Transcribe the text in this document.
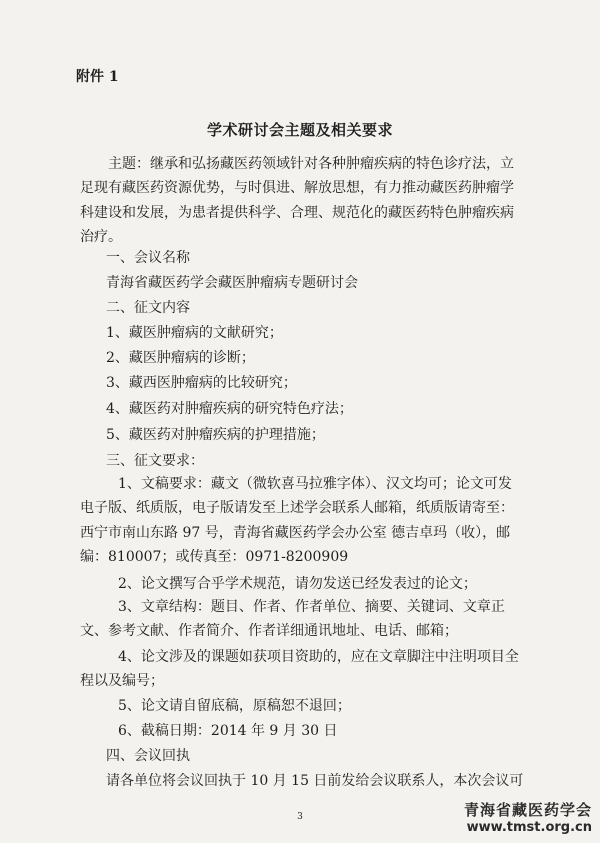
附件 1
学术研讨会主题及相关要求
主题：继承和弘扬藏医药领域针对各种肿瘤疾病的特色诊疗法，立足现有藏医药资源优势，与时俱进、解放思想，有力推动藏医药肿瘤学科建设和发展，为患者提供科学、合理、规范化的藏医药特色肿瘤疾病治疗。
一、会议名称
青海省藏医药学会藏医肿瘤病专题研讨会
二、征文内容
1、藏医肿瘤病的文献研究；
2、藏医肿瘤病的诊断；
3、藏西医肿瘤病的比较研究；
4、藏医药对肿瘤疾病的研究特色疗法；
5、藏医药对肿瘤疾病的护理措施；
三、征文要求：
1、文稿要求：藏文（微软喜马拉雅字体）、汉文均可；论文可发电子版、纸质版，电子版请发至上述学会联系人邮箱，纸质版请寄至：西宁市南山东路 97 号，青海省藏医药学会办公室 德吉卓玛（收），邮编：810007；或传真至：0971-8200909
2、论文撰写合乎学术规范，请勿发送已经发表过的论文；
3、文章结构：题目、作者、作者单位、摘要、关键词、文章正文、参考文献、作者简介、作者详细通讯地址、电话、邮箱；
4、论文涉及的课题如获项目资助的，应在文章脚注中注明项目全程以及编号；
5、论文请自留底稿，原稿恕不退回；
6、截稿日期：2014 年 9 月 30 日
四、会议回执
请各单位将会议回执于 10 月 15 日前发给会议联系人，本次会议可
3	青海省藏医药学会
www.tmst.org.cn
